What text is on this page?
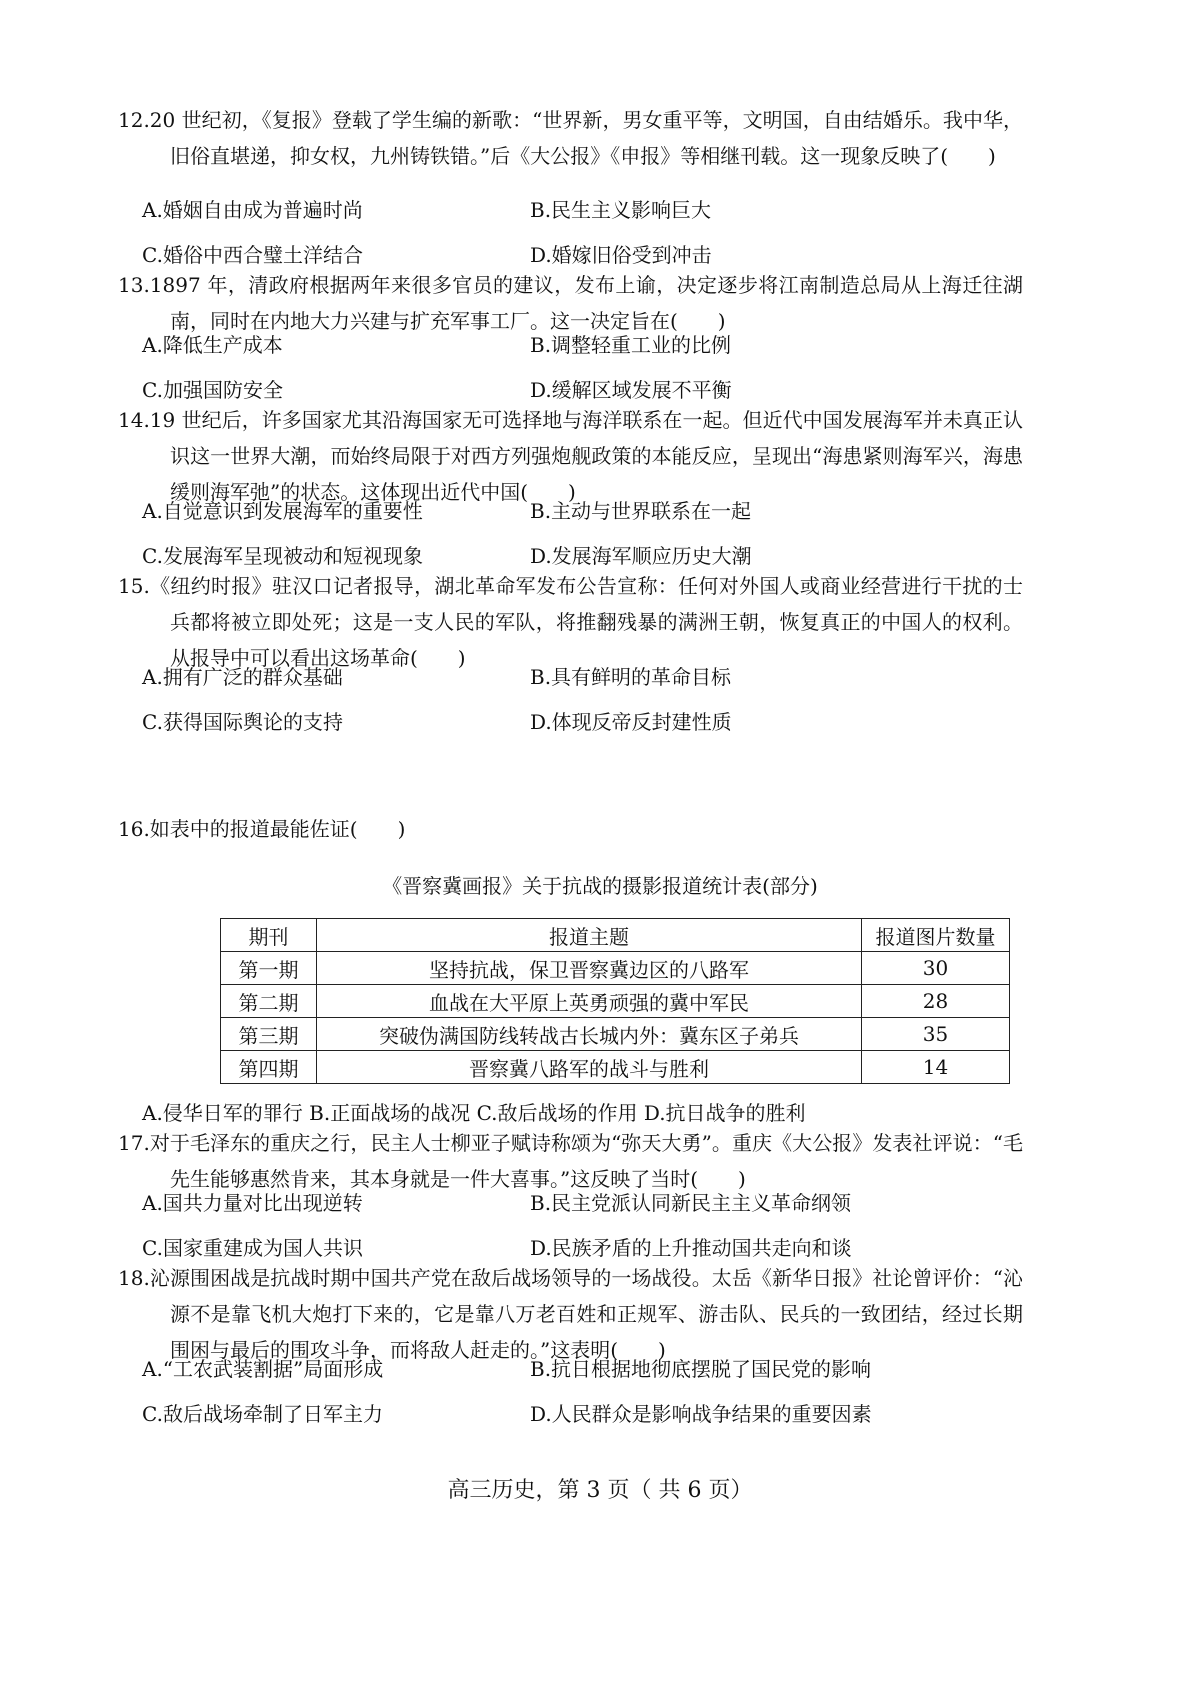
12.20 世纪初，《复报》登载了学生编的新歌：“世界新，男女重平等，文明国，自由结婚乐。我中华，旧俗直堪递，抑女权，九州铸铁错。”后《大公报》《申报》等相继刊载。这一现象反映了(　　)
A.婚姻自由成为普遍时尚	B.民生主义影响巨大
C.婚俗中西合璧土洋结合	D.婚嫁旧俗受到冲击
13.1897 年，清政府根据两年来很多官员的建议，发布上谕，决定逐步将江南制造总局从上海迁往湖南，同时在内地大力兴建与扩充军事工厂。这一决定旨在(　　)
A.降低生产成本	B.调整轻重工业的比例
C.加强国防安全	D.缓解区域发展不平衡
14.19 世纪后，许多国家尤其沿海国家无可选择地与海洋联系在一起。但近代中国发展海军并未真正认识这一世界大潮，而始终局限于对西方列强炮舰政策的本能反应，呈现出“海患紧则海军兴，海患缓则海军弛”的状态。这体现出近代中国(　　)
A.自觉意识到发展海军的重要性	B.主动与世界联系在一起
C.发展海军呈现被动和短视现象	D.发展海军顺应历史大潮
15.《纽约时报》驻汉口记者报导，湖北革命军发布公告宣称：任何对外国人或商业经营进行干扰的士兵都将被立即处死；这是一支人民的军队，将推翻残暴的满洲王朝，恢复真正的中国人的权利。从报导中可以看出这场革命(　　)
A.拥有广泛的群众基础	B.具有鲜明的革命目标
C.获得国际舆论的支持	D.体现反帝反封建性质
16.如表中的报道最能佐证(　　)
《晋察冀画报》关于抗战的摄影报道统计表(部分)
期刊	报道主题	报道图片数量
第一期	坚持抗战，保卫晋察冀边区的八路军	30
第二期	血战在大平原上英勇顽强的冀中军民	28
第三期	突破伪满国防线转战古长城内外：冀东区子弟兵	35
第四期	晋察冀八路军的战斗与胜利	14
A.侵华日军的罪行 B.正面战场的战况 C.敌后战场的作用 D.抗日战争的胜利
17.对于毛泽东的重庆之行，民主人士柳亚子赋诗称颂为“弥天大勇”。重庆《大公报》发表社评说：“毛先生能够惠然肯来，其本身就是一件大喜事。”这反映了当时(　　)
A.国共力量对比出现逆转	B.民主党派认同新民主主义革命纲领
C.国家重建成为国人共识	D.民族矛盾的上升推动国共走向和谈
18.沁源围困战是抗战时期中国共产党在敌后战场领导的一场战役。太岳《新华日报》社论曾评价：“沁源不是靠飞机大炮打下来的，它是靠八万老百姓和正规军、游击队、民兵的一致团结，经过长期围困与最后的围攻斗争，而将敌人赶走的。”这表明(　　)
A.“工农武装割据”局面形成	B.抗日根据地彻底摆脱了国民党的影响
C.敌后战场牵制了日军主力	D.人民群众是影响战争结果的重要因素
高三历史，第 3 页（ 共 6 页）
